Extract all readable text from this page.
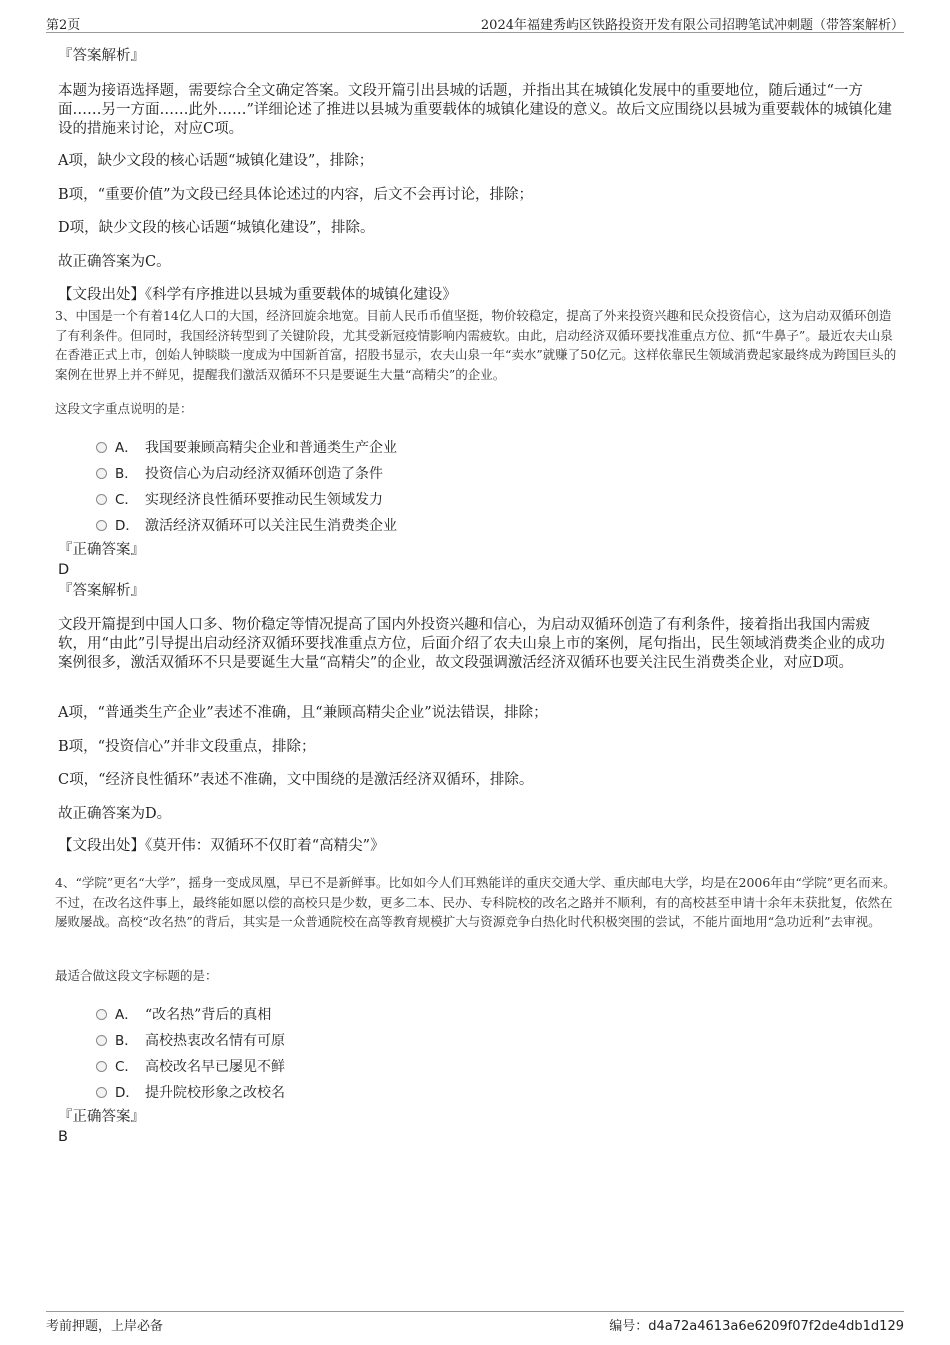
第2页	2024年福建秀屿区铁路投资开发有限公司招聘笔试冲刺题（带答案解析）
『答案解析』
本题为接语选择题，需要综合全文确定答案。文段开篇引出县城的话题，并指出其在城镇化发展中的重要地位，随后通过“一方面……另一方面……此外……”详细论述了推进以县城为重要载体的城镇化建设的意义。故后文应围绕以县城为重要载体的城镇化建设的措施来讨论，对应C项。
A项，缺少文段的核心话题“城镇化建设”，排除；
B项，“重要价值”为文段已经具体论述过的内容，后文不会再讨论，排除；
D项，缺少文段的核心话题“城镇化建设”，排除。
故正确答案为C。
【文段出处】《科学有序推进以县城为重要载体的城镇化建设》
3、中国是一个有着14亿人口的大国，经济回旋余地宽。目前人民币币值坚挺，物价较稳定，提高了外来投资兴趣和民众投资信心，这为启动双循环创造了有利条件。但同时，我国经济转型到了关键阶段，尤其受新冠疫情影响内需疲软。由此，启动经济双循环要找准重点方位、抓“牛鼻子”。最近农夫山泉在香港正式上市，创始人钟睒睒一度成为中国新首富，招股书显示，农夫山泉一年“卖水”就赚了50亿元。这样依靠民生领域消费起家最终成为跨国巨头的案例在世界上并不鲜见，提醒我们激活双循环不只是要诞生大量“高精尖”的企业。
这段文字重点说明的是：
A． 我国要兼顾高精尖企业和普通类生产企业
B． 投资信心为启动经济双循环创造了条件
C． 实现经济良性循环要推动民生领域发力
D． 激活经济双循环可以关注民生消费类企业
『正确答案』
D
『答案解析』
文段开篇提到中国人口多、物价稳定等情况提高了国内外投资兴趣和信心，为启动双循环创造了有利条件，接着指出我国内需疲软，用“由此”引导提出启动经济双循环要找准重点方位，后面介绍了农夫山泉上市的案例，尾句指出，民生领域消费类企业的成功案例很多，激活双循环不只是要诞生大量“高精尖”的企业，故文段强调激活经济双循环也要关注民生消费类企业，对应D项。
A项，“普通类生产企业”表述不准确，且“兼顾高精尖企业”说法错误，排除；
B项，“投资信心”并非文段重点，排除；
C项，“经济良性循环”表述不准确，文中围绕的是激活经济双循环，排除。
故正确答案为D。
【文段出处】《莫开伟：双循环不仅盯着“高精尖”》
4、“学院”更名“大学”，摇身一变成凤凰，早已不是新鲜事。比如如今人们耳熟能详的重庆交通大学、重庆邮电大学，均是在2006年由“学院”更名而来。不过，在改名这件事上，最终能如愿以偿的高校只是少数，更多二本、民办、专科院校的改名之路并不顺利，有的高校甚至申请十余年未获批复，依然在屡败屡战。高校“改名热”的背后，其实是一众普通院校在高等教育规模扩大与资源竞争白热化时代积极突围的尝试，不能片面地用“急功近利”去审视。
最适合做这段文字标题的是：
A． “改名热”背后的真相
B． 高校热衷改名情有可原
C． 高校改名早已屡见不鲜
D． 提升院校形象之改校名
『正确答案』
B
考前押题，上岸必备	编号：d4a72a4613a6e6209f07f2de4db1d129
